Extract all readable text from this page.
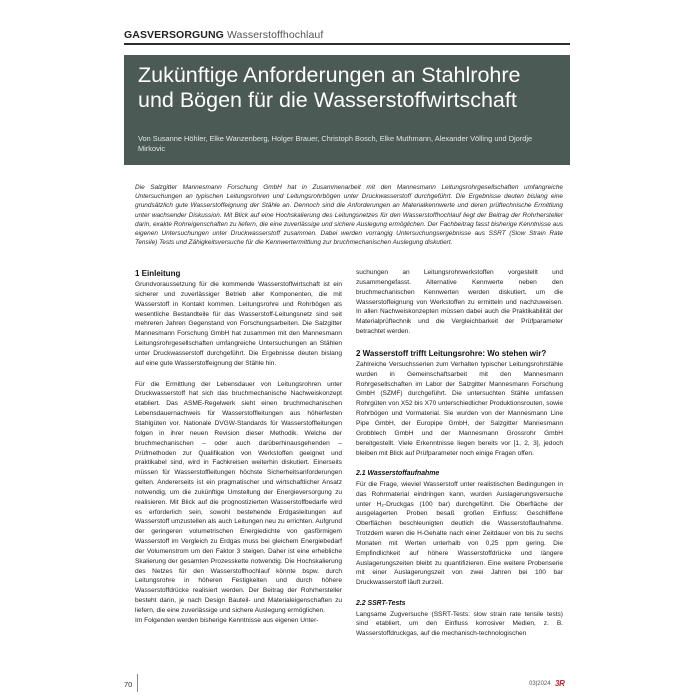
GASVERSORGUNG Wasserstoffhochlauf
Zukünftige Anforderungen an Stahlrohre
und Bögen für die Wasserstoffwirtschaft
Von Susanne Höhler, Elke Wanzenberg, Holger Brauer, Christoph Bosch, Elke Muthmann, Alexander Völling und Djordje Mirkovic
Die Salzgitter Mannesmann Forschung GmbH hat in Zusammenarbeit mit den Mannesmann Leitungsrohrgesellschaften umfangreiche Untersuchungen an typischen Leitungsrohren und Leitungsrohrbögen unter Druckwasserstoff durchgeführt. Die Ergebnisse deuten bislang eine grundsätzlich gute Wasserstoffeignung der Stähle an. Dennoch sind die Anforderungen an Materialkennwerte und deren prüftechnische Ermittlung unter wachsender Diskussion. Mit Blick auf eine Hochskalierung des Leitungsnetzes für den Wasserstoffhochlauf liegt der Beitrag der Rohrhersteller darin, exakte Rohreigenschaften zu liefern, die eine zuverlässige und sichere Auslegung ermöglichen. Der Fachbeitrag fasst bisherige Kenntnisse aus eigenen Untersuchungen unter Druckwasserstoff zusammen. Dabei werden vorrangig Untersuchungsergebnisse aus SSRT (Slow Strain Rate Tensile) Tests und Zähigkeitsversuche für die Kennwertermittlung zur bruchmechanischen Auslegung diskutiert.
1 Einleitung

Grundvoraussetzung für die kommende Wasserstoffwirtschaft ist ein sicherer und zuverlässiger Betrieb aller Komponenten, die mit Wasserstoff in Kontakt kommen. Leitungsrohre und Rohrbögen als wesentliche Bestandteile für das Wasserstoff-Leitungsnetz sind seit mehreren Jahren Gegenstand von Forschungsarbeiten. Die Salzgitter Mannesmann Forschung GmbH hat zusammen mit den Mannesmann Leitungsrohrgesellschaften umfangreiche Untersuchungen an Stählen unter Druckwasserstoff durchgeführt. Die Ergebnisse deuten bislang auf eine gute Wasserstoffeignung der Stähle hin.

Für die Ermittlung der Lebensdauer von Leitungsrohren unter Druckwasserstoff hat sich das bruchmechanische Nachweiskonzept etabliert. Das ASME-Regelwerk sieht einen bruchmechanischen Lebensdauernachweis für Wasserstoffleitungen aus höherfesten Stahlgüten vor. Nationale DVGW-Standards für Wasserstoffleitungen folgen in ihrer neuen Revision dieser Methodik. Welche der bruchmechanischen – oder auch darüberhinausgehenden – Prüfmethoden zur Qualifikation von Werkstoffen geeignet und praktikabel sind, wird in Fachkreisen weiterhin diskutiert. Einerseits müssen für Wasserstoffleitungen höchste Sicherheitsanforderungen gelten. Andererseits ist ein pragmatischer und wirtschaftlicher Ansatz notwendig, um die zukünftige Umstellung der Energieversorgung zu realisieren. Mit Blick auf die prognostizierten Wasserstoffbedarfe wird es erforderlich sein, sowohl bestehende Erdgasleitungen auf Wasserstoff umzustellen als auch Leitungen neu zu errichten. Aufgrund der geringeren volumetrischen Energiedichte von gasförmigem Wasserstoff im Vergleich zu Erdgas muss bei gleichem Energiebedarf der Volumenstrom um den Faktor 3 steigen. Daher ist eine erhebliche Skalierung der gesamten Prozesskette notwendig. Die Hochskalierung des Netzes für den Wasserstoffhochlauf könnte bspw. durch Leitungsrohre in höheren Festigkeiten und durch höhere Wasserstoffdrücke realisiert werden. Der Beitrag der Rohrhersteller besteht darin, je nach Design Bauteil- und Materialeigenschaften zu liefern, die eine zuverlässige und sichere Auslegung ermöglichen.

Im Folgenden werden bisherige Kenntnisse aus eigenen Unter-

suchungen an Leitungsrohrwerkstoffen vorgestellt und zusammengefasst. Alternative Kennwerte neben den bruchmechanischen Kennwerten werden diskutiert, um die Wasserstoffeignung von Werkstoffen zu ermitteln und nachzuweisen. In allen Nachweiskonzepten müssen dabei auch die Praktikabilität der Materialprüftechnik und die Vergleichbarkeit der Prüfparameter betrachtet werden.

2 Wasserstoff trifft Leitungsrohre: Wo stehen wir?

Zahlreiche Versuchsserien zum Verhalten typischer Leitungsrohrstähle wurden in Gemeinschaftsarbeit mit den Mannesmann Rohrgesellschaften im Labor der Salzgitter Mannesmann Forschung GmbH (SZMF) durchgeführt. Die untersuchten Stähle umfassen Rohrgüten von X52 bis X70 unterschiedlicher Produktionsrouten, sowie Rohrbögen und Vormaterial. Sie wurden von der Mannesmann Line Pipe GmbH, der Europipe GmbH, der Salzgitter Mannesmann Grobblech GmbH und der Mannesmann Grossrohr GmbH bereitgestellt. Viele Erkenntnisse liegen bereits vor [1, 2, 3], jedoch bleiben mit Blick auf Prüfparameter noch einige Fragen offen.

2.1 Wasserstoffaufnahme

Für die Frage, wieviel Wasserstoff unter realistischen Bedingungen in das Rohrmaterial eindringen kann, wurden Auslagerungsversuche unter H₂-Druckgas (100 bar) durchgeführt. Die Oberfläche der ausgelagerten Proben besaß großen Einfluss: Geschliffene Oberflächen beschleunigten deutlich die Wasserstoffaufnahme. Trotzdem waren die H-Gehalte nach einer Zeitdauer von bis zu sechs Monaten mit Werten unterhalb von 0,25 ppm gering. Die Empfindlichkeit auf höhere Wasserstoffdrücke und längere Auslagerungszeiten bleibt zu quantifizieren. Eine weitere Probenserie mit einer Auslagerungszeit von zwei Jahren bei 100 bar Druckwasserstoff läuft zurzeit.

2.2 SSRT-Tests

Langsame Zugversuche (SSRT-Tests: slow strain rate tensile tests) sind etabliert, um den Einfluss korrosiver Medien, z. B. Wasserstoffdruckgas, auf die mechanisch-technologischen

70	03|2024 3R
